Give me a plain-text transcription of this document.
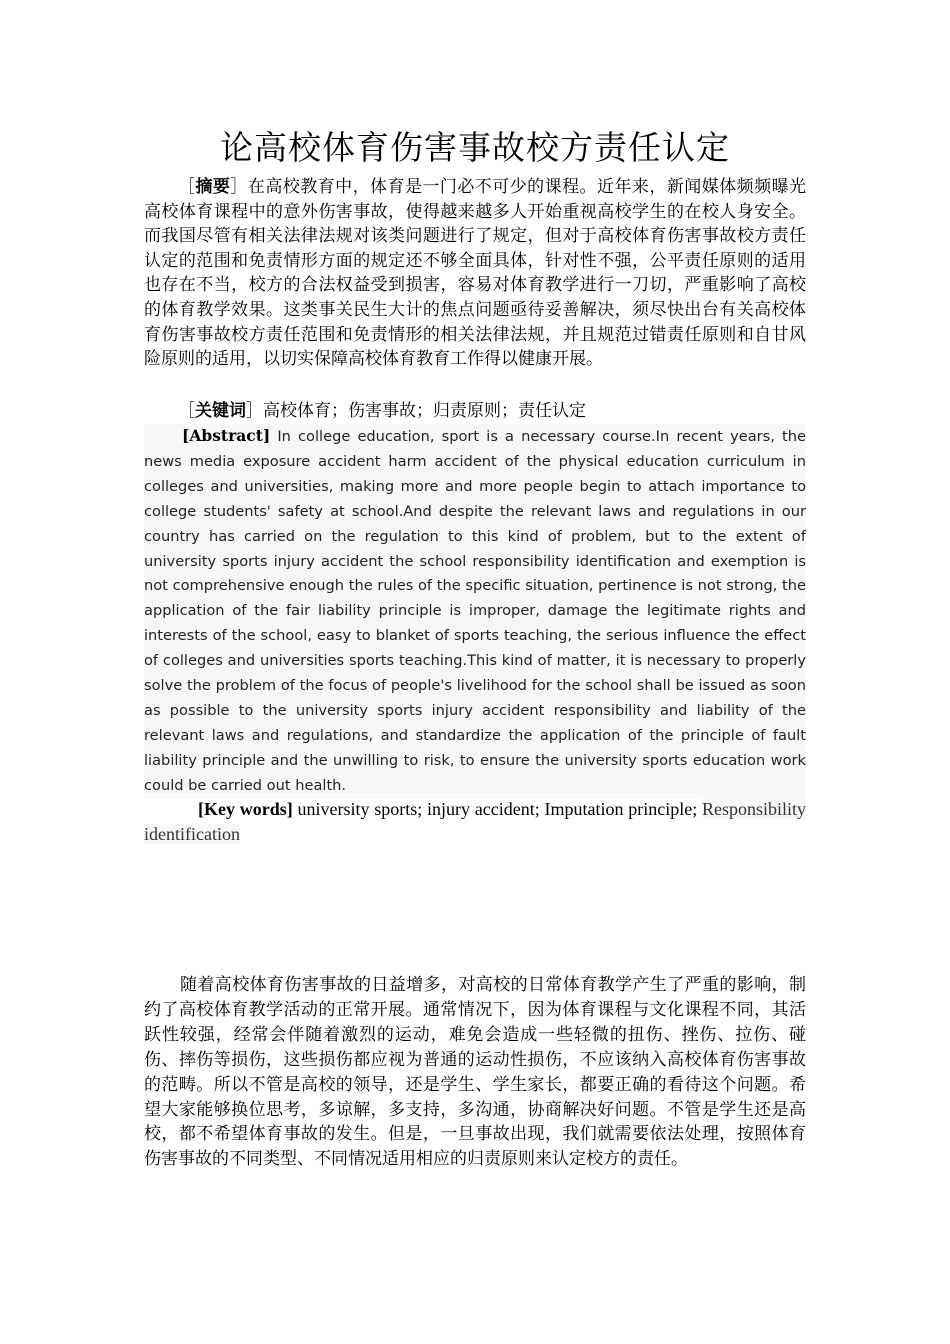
论高校体育伤害事故校方责任认定

［摘要］在高校教育中，体育是一门必不可少的课程。近年来，新闻媒体频频曝光高校体育课程中的意外伤害事故，使得越来越多人开始重视高校学生的在校人身安全。而我国尽管有相关法律法规对该类问题进行了规定，但对于高校体育伤害事故校方责任认定的范围和免责情形方面的规定还不够全面具体，针对性不强，公平责任原则的适用也存在不当，校方的合法权益受到损害，容易对体育教学进行一刀切，严重影响了高校的体育教学效果。这类事关民生大计的焦点问题亟待妥善解决，须尽快出台有关高校体育伤害事故校方责任范围和免责情形的相关法律法规，并且规范过错责任原则和自甘风险原则的适用，以切实保障高校体育教育工作得以健康开展。

［关键词］高校体育；伤害事故；归责原则；责任认定

[Abstract] In college education, sport is a necessary course.In recent years, the news media exposure accident harm accident of the physical education curriculum in colleges and universities, making more and more people begin to attach importance to college students' safety at school.And despite the relevant laws and regulations in our country has carried on the regulation to this kind of problem, but to the extent of university sports injury accident the school responsibility identification and exemption is not comprehensive enough the rules of the specific situation, pertinence is not strong, the application of the fair liability principle is improper, damage the legitimate rights and interests of the school, easy to blanket of sports teaching, the serious influence the effect of colleges and universities sports teaching.This kind of matter, it is necessary to properly solve the problem of the focus of people's livelihood for the school shall be issued as soon as possible to the university sports injury accident responsibility and liability of the relevant laws and regulations, and standardize the application of the principle of fault liability principle and the unwilling to risk, to ensure the university sports education work could be carried out health.

[Key words] university sports; injury accident; Imputation principle; Responsibility identification

随着高校体育伤害事故的日益增多，对高校的日常体育教学产生了严重的影响，制约了高校体育教学活动的正常开展。通常情况下，因为体育课程与文化课程不同，其活跃性较强，经常会伴随着激烈的运动，难免会造成一些轻微的扭伤、挫伤、拉伤、碰伤、摔伤等损伤，这些损伤都应视为普通的运动性损伤，不应该纳入高校体育伤害事故的范畴。所以不管是高校的领导，还是学生、学生家长，都要正确的看待这个问题。希望大家能够换位思考，多谅解，多支持，多沟通，协商解决好问题。不管是学生还是高校，都不希望体育事故的发生。但是，一旦事故出现，我们就需要依法处理，按照体育伤害事故的不同类型、不同情况适用相应的归责原则来认定校方的责任。
